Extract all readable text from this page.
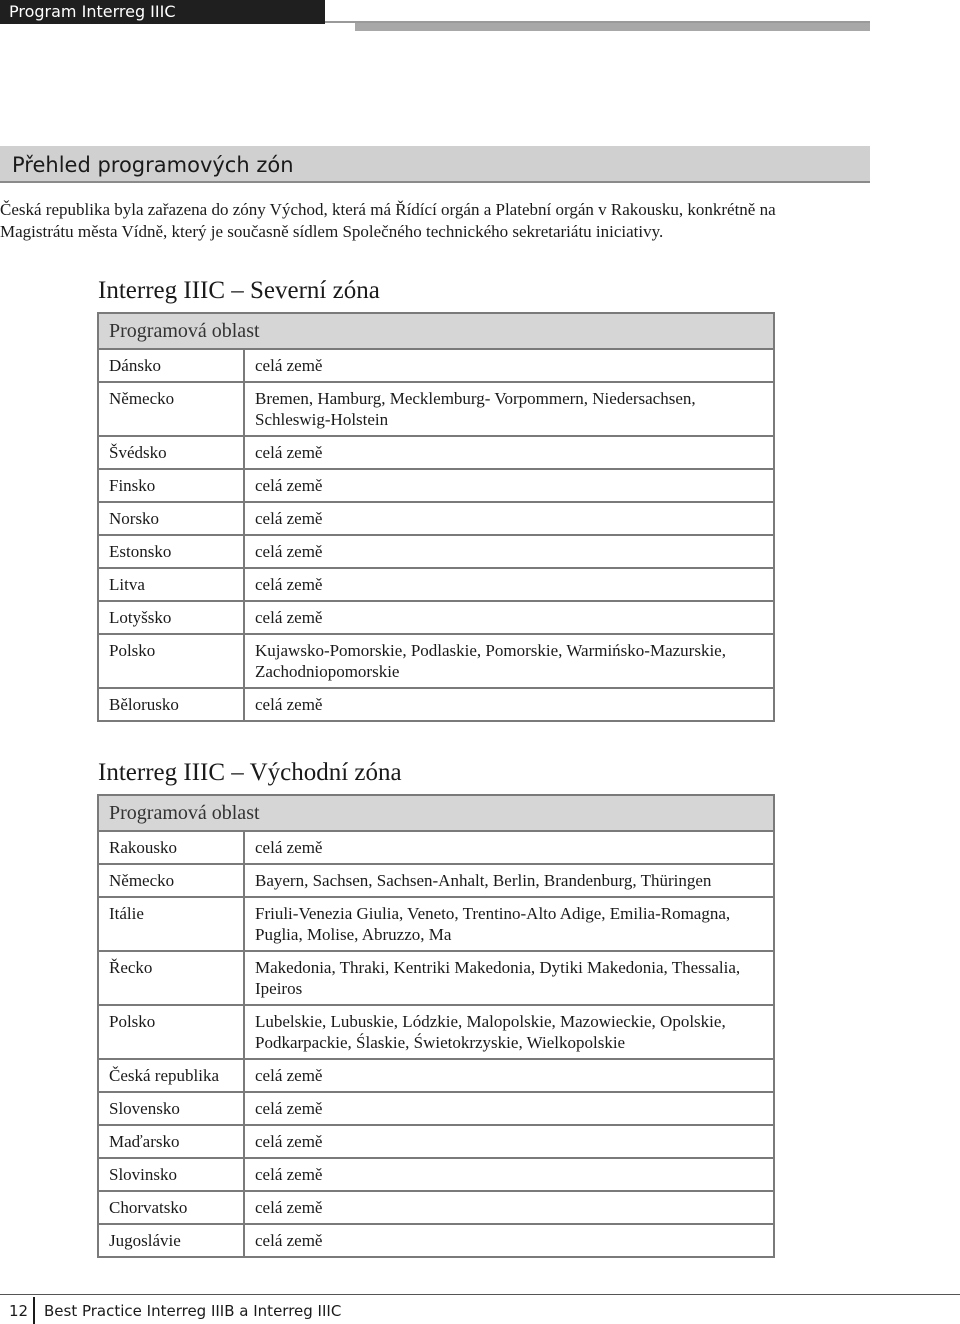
Program Interreg IIIC
Přehled programových zón
Česká republika byla zařazena do zóny Východ, která má Řídící orgán a Platební orgán v Rakousku, konkrétně na Magistrátu města Vídně, který je současně sídlem Společného technického sekretariátu iniciativy.
Interreg IIIC – Severní zóna
Programová oblast	
Dánsko	celá země
Německo	Bremen, Hamburg, Mecklemburg- Vorpommern, Niedersachsen, Schleswig-Holstein
Švédsko	celá země
Finsko	celá země
Norsko	celá země
Estonsko	celá země
Litva	celá země
Lotyšsko	celá země
Polsko	Kujawsko-Pomorskie, Podlaskie, Pomorskie, Warmińsko-Mazurskie, Zachodniopomorskie
Bělorusko	celá země
Interreg IIIC – Východní zóna
Programová oblast	
Rakousko	celá země
Německo	Bayern, Sachsen, Sachsen-Anhalt, Berlin, Brandenburg, Thüringen
Itálie	Friuli-Venezia Giulia, Veneto, Trentino-Alto Adige, Emilia-Romagna, Puglia, Molise, Abruzzo, Ma
Řecko	Makedonia, Thraki, Kentriki Makedonia, Dytiki Makedonia, Thessalia, Ipeiros
Polsko	Lubelskie, Lubuskie, Lódzkie, Malopolskie, Mazowieckie, Opolskie, Podkarpackie, Ślaskie, Świetokrzyskie, Wielkopolskie
Česká republika	celá země
Slovensko	celá země
Maďarsko	celá země
Slovinsko	celá země
Chorvatsko	celá země
Jugoslávie	celá země
12 Best Practice Interreg IIIB a Interreg IIIC
